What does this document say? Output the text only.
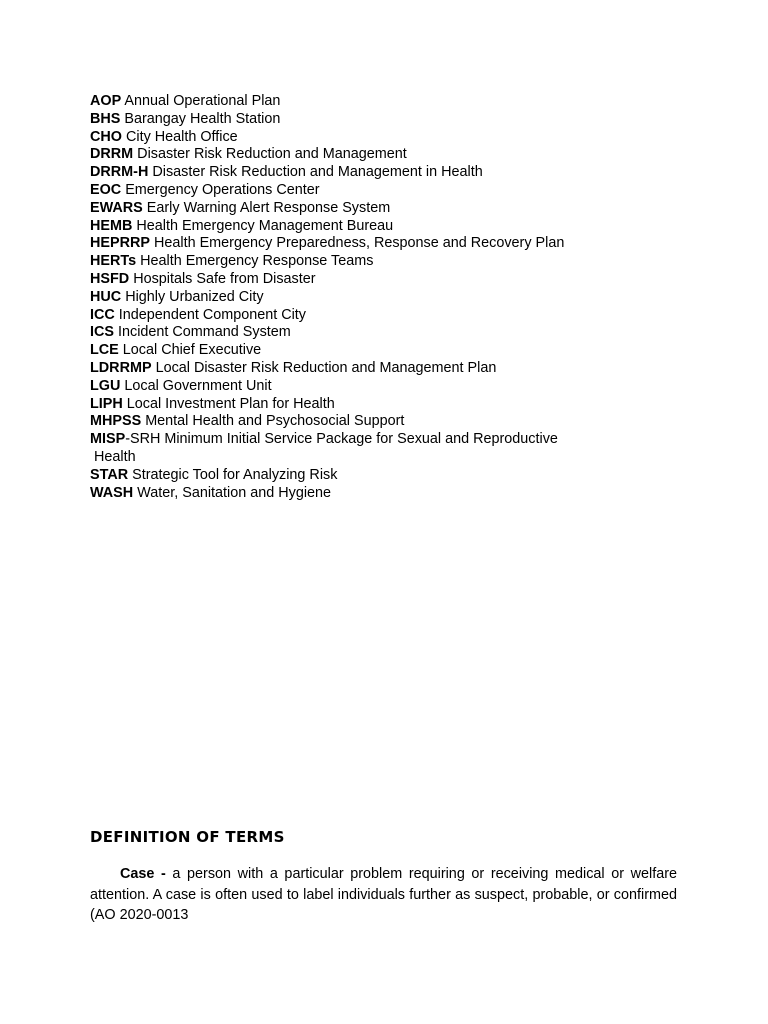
AOP Annual Operational Plan
BHS Barangay Health Station
CHO City Health Office
DRRM Disaster Risk Reduction and Management
DRRM-H Disaster Risk Reduction and Management in Health
EOC Emergency Operations Center
EWARS Early Warning Alert Response System
HEMB Health Emergency Management Bureau
HEPRRP Health Emergency Preparedness, Response and Recovery Plan
HERTs Health Emergency Response Teams
HSFD Hospitals Safe from Disaster
HUC Highly Urbanized City
ICC Independent Component City
ICS Incident Command System
LCE Local Chief Executive
LDRRMP Local Disaster Risk Reduction and Management Plan
LGU Local Government Unit
LIPH Local Investment Plan for Health
MHPSS Mental Health and Psychosocial Support
MISP-SRH Minimum Initial Service Package for Sexual and Reproductive
Health
STAR Strategic Tool for Analyzing Risk
WASH Water, Sanitation and Hygiene
DEFINITION OF TERMS

Case - a person with a particular problem requiring or receiving medical or welfare attention. A case is often used to label individuals further as suspect, probable, or confirmed (AO 2020-0013
